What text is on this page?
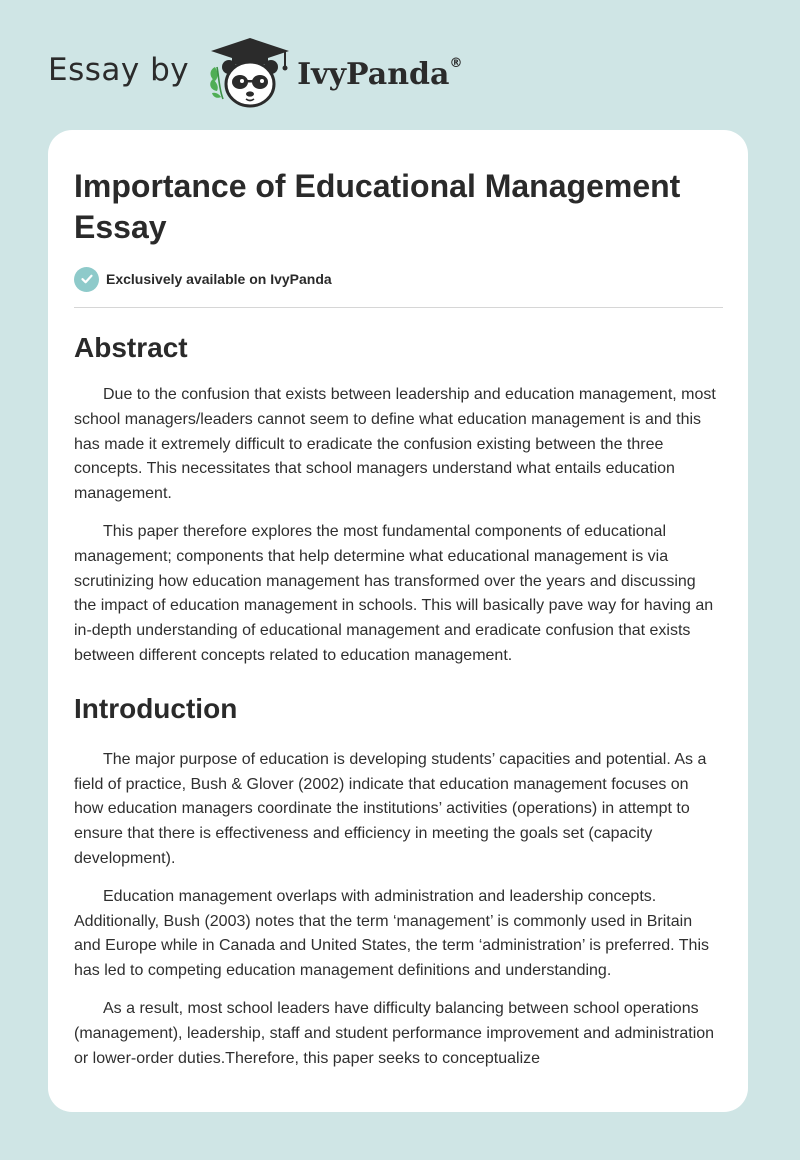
Essay by	IvyPanda®
Importance of Educational Management Essay
Exclusively available on IvyPanda
Abstract

Due to the confusion that exists between leadership and education management, most school managers/leaders cannot seem to define what education management is and this has made it extremely difficult to eradicate the confusion existing between the three concepts. This necessitates that school managers understand what entails education management.

This paper therefore explores the most fundamental components of educational management; components that help determine what educational management is via scrutinizing how education management has transformed over the years and discussing the impact of education management in schools. This will basically pave way for having an in-depth understanding of educational management and eradicate confusion that exists between different concepts related to education management.

Introduction

The major purpose of education is developing students’ capacities and potential. As a field of practice, Bush & Glover (2002) indicate that education management focuses on how education managers coordinate the institutions’ activities (operations) in attempt to ensure that there is effectiveness and efficiency in meeting the goals set (capacity development).

Education management overlaps with administration and leadership concepts. Additionally, Bush (2003) notes that the term ‘management’ is commonly used in Britain and Europe while in Canada and United States, the term ‘administration’ is preferred. This has led to competing education management definitions and understanding.

As a result, most school leaders have difficulty balancing between school operations (management), leadership, staff and student performance improvement and administration or lower-order duties.Therefore, this paper seeks to conceptualize
